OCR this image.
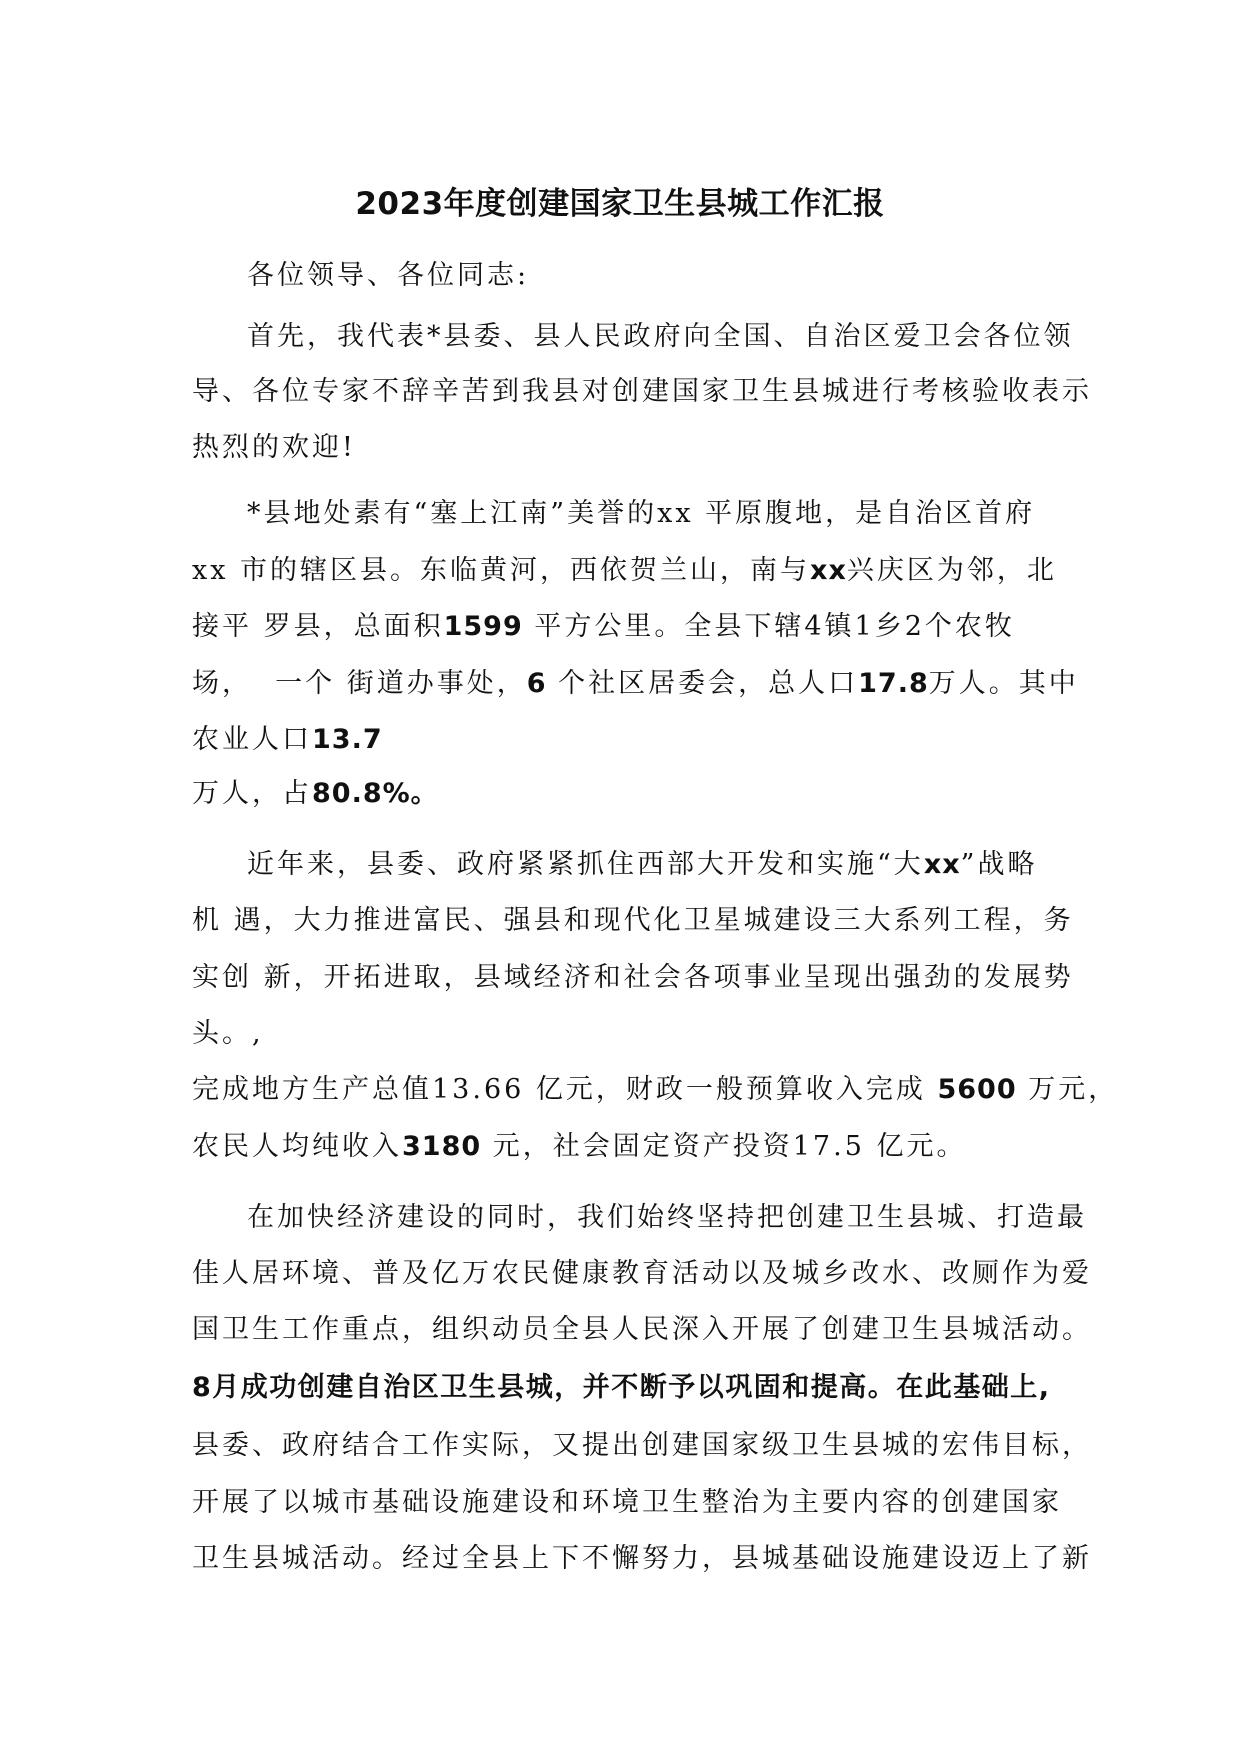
2023年度创建国家卫生县城工作汇报
各位领导、各位同志:
首先，我代表*县委、县人民政府向全国、自治区爱卫会各位领
导、各位专家不辞辛苦到我县对创建国家卫生县城进行考核验收表示
热烈的欢迎!
*县地处素有“塞上江南”美誉的xx 平原腹地，是自治区首府
xx 市的辖区县。东临黄河，西依贺兰山，南与xx兴庆区为邻，北
接平 罗县，总面积1599 平方公里。全县下辖4镇1乡2个农牧
场，  一个 街道办事处，6 个社区居委会，总人口17.8万人。其中
农业人口13.7
万人，占80.8%。
近年来，县委、政府紧紧抓住西部大开发和实施“大xx”战略
机 遇，大力推进富民、强县和现代化卫星城建设三大系列工程，务
实创 新，开拓进取，县域经济和社会各项事业呈现出强劲的发展势
头。,
完成地方生产总值13.66 亿元，财政一般预算收入完成 5600 万元，
农民人均纯收入3180 元，社会固定资产投资17.5 亿元。
在加快经济建设的同时，我们始终坚持把创建卫生县城、打造最
佳人居环境、普及亿万农民健康教育活动以及城乡改水、改厕作为爱
国卫生工作重点，组织动员全县人民深入开展了创建卫生县城活动。
8月成功创建自治区卫生县城，并不断予以巩固和提高。在此基础上,
县委、政府结合工作实际，又提出创建国家级卫生县城的宏伟目标，
开展了以城市基础设施建设和环境卫生整治为主要内容的创建国家
卫生县城活动。经过全县上下不懈努力，县城基础设施建设迈上了新
